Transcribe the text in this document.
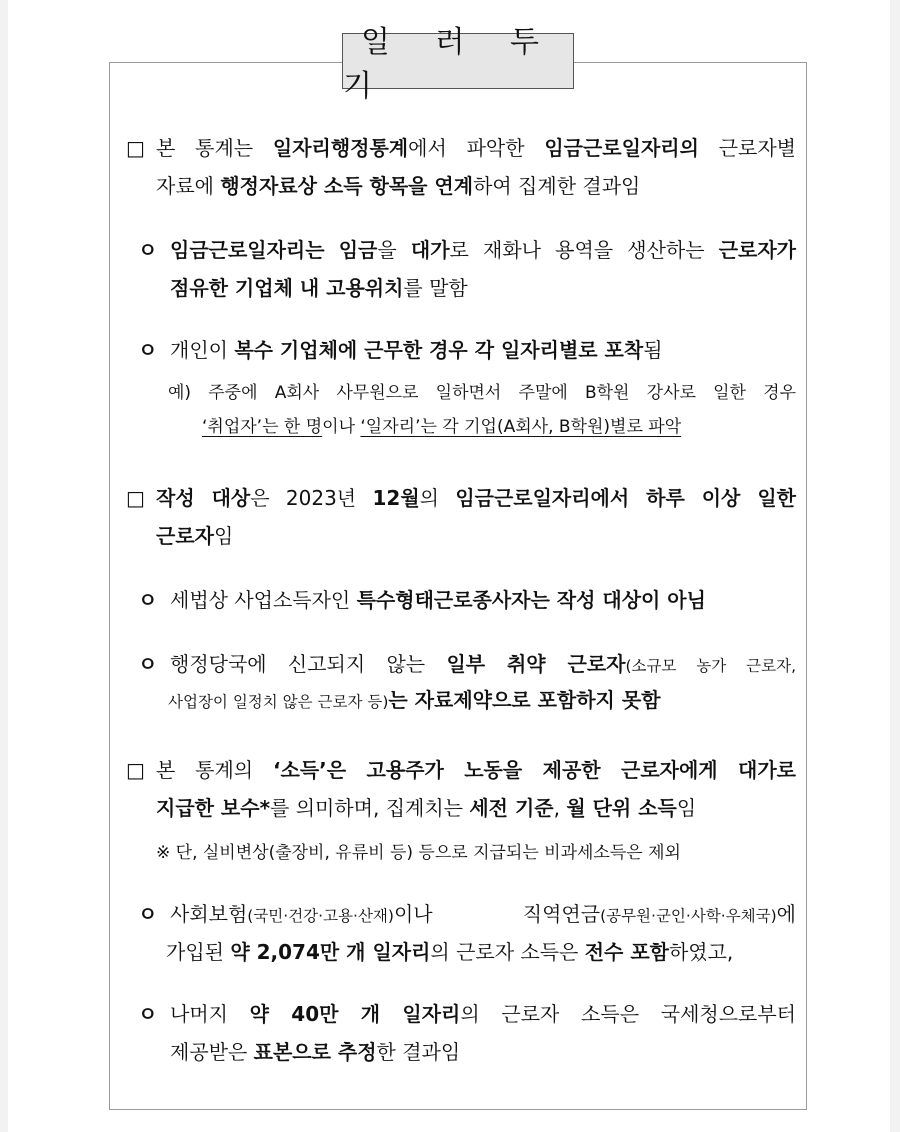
일 러 두 기
□ 본 통계는 일자리행정통계에서 파악한 임금근로일자리의 근로자별
자료에 행정자료상 소득 항목을 연계하여 집계한 결과임
ㅇ 임금근로일자리는 임금을 대가로 재화나 용역을 생산하는 근로자가
점유한 기업체 내 고용위치를 말함
ㅇ 개인이 복수 기업체에 근무한 경우 각 일자리별로 포착됨
예) 주중에 A회사 사무원으로 일하면서 주말에 B학원 강사로 일한 경우
‘취업자’는 한 명이나 ‘일자리’는 각 기업(A회사, B학원)별로 파악
□ 작성 대상은 2023년 12월의 임금근로일자리에서 하루 이상 일한
근로자임
ㅇ 세법상 사업소득자인 특수형태근로종사자는 작성 대상이 아님
ㅇ 행정당국에 신고되지 않는 일부 취약 근로자(소규모 농가 근로자,
사업장이 일정치 않은 근로자 등)는 자료제약으로 포함하지 못함
□ 본 통계의 ‘소득’은 고용주가 노동을 제공한 근로자에게 대가로
지급한 보수*를 의미하며, 집계치는 세전 기준, 월 단위 소득임
※ 단, 실비변상(출장비, 유류비 등) 등으로 지급되는 비과세소득은 제외
ㅇ 사회보험(국민·건강·고용·산재)이나 직역연금(공무원·군인·사학·우체국)에
가입된 약 2,074만 개 일자리의 근로자 소득은 전수 포함하였고,
ㅇ 나머지 약 40만 개 일자리의 근로자 소득은 국세청으로부터
제공받은 표본으로 추정한 결과임
